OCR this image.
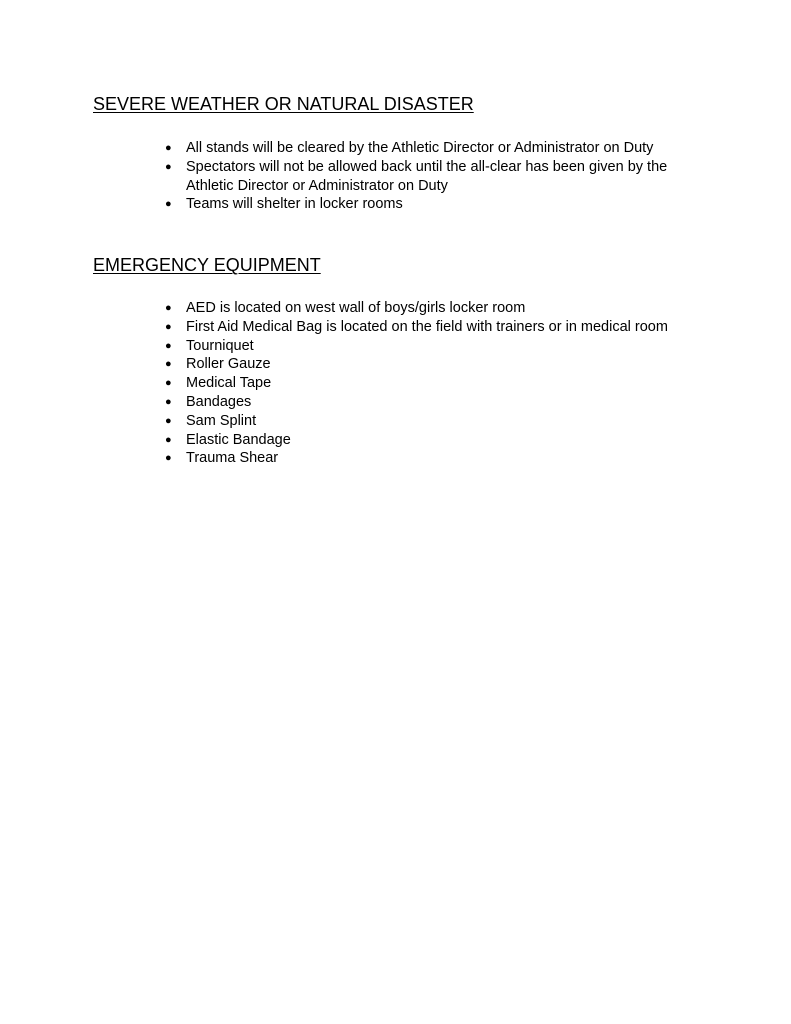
SEVERE WEATHER OR NATURAL DISASTER
● All stands will be cleared by the Athletic Director or Administrator on Duty
● Spectators will not be allowed back until the all-clear has been given by the Athletic Director or Administrator on Duty
● Teams will shelter in locker rooms
EMERGENCY EQUIPMENT
● AED is located on west wall of boys/girls locker room
● First Aid Medical Bag is located on the field with trainers or in medical room
● Tourniquet
● Roller Gauze
● Medical Tape
● Bandages
● Sam Splint
● Elastic Bandage
● Trauma Shear
